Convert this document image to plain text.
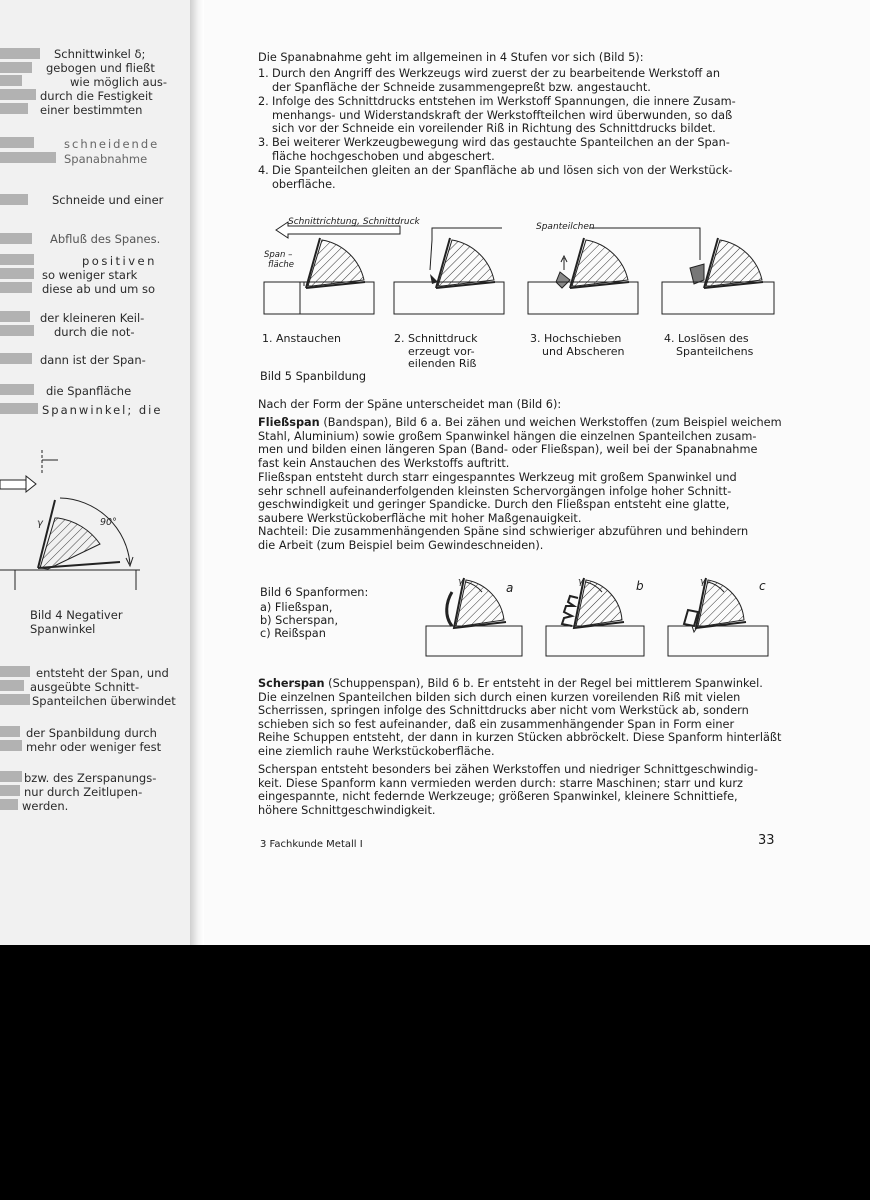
Schnittwinkel δ;
gebogen und fließt
wie möglich aus-
durch die Festigkeit
einer bestimmten
schneidende
Spanabnahme
Schneide und einer
Abfluß des Spanes.
positiven
so weniger stark
diese ab und um so
der kleineren Keil-
durch die not-
dann ist der Span-
die Spanfläche
Spanwinkel; die
90°
γ
Bild 4 Negativer
Spanwinkel
entsteht der Span, und
ausgeübte Schnitt-
Spanteilchen überwindet
der Spanbildung durch
mehr oder weniger fest
bzw. des Zerspanungs-
nur durch Zeitlupen-
werden.
Die Spanabnahme geht im allgemeinen in 4 Stufen vor sich (Bild 5):
1. Durch den Angriff des Werkzeugs wird zuerst der zu bearbeitende Werkstoff an
der Spanfläche der Schneide zusammengepreßt bzw. angestaucht.
2. Infolge des Schnittdrucks entstehen im Werkstoff Spannungen, die innere Zusam-
menhangs- und Widerstandskraft der Werkstoffteilchen wird überwunden, so daß
sich vor der Schneide ein voreilender Riß in Richtung des Schnittdrucks bildet.
3. Bei weiterer Werkzeugbewegung wird das gestauchte Spanteilchen an der Span-
fläche hochgeschoben und abgeschert.
4. Die Spanteilchen gleiten an der Spanfläche ab und lösen sich von der Werkstück-
oberfläche.
Schnittrichtung, Schnittdruck	Spanteilchen
Span –
fläche
1. Anstauchen	2. Schnittdruck
erzeugt vor-
eilenden Riß
3. Hochschieben
und Abscheren
4. Loslösen des
Spanteilchens
Bild 5 Spanbildung
Nach der Form der Späne unterscheidet man (Bild 6):
Fließspan (Bandspan), Bild 6 a. Bei zähen und weichen Werkstoffen (zum Beispiel weichem
Stahl, Aluminium) sowie großem Spanwinkel hängen die einzelnen Spanteilchen zusam-
men und bilden einen längeren Span (Band- oder Fließspan), weil bei der Spanabnahme
fast kein Anstauchen des Werkstoffs auftritt.
Fließspan entsteht durch starr eingespanntes Werkzeug mit großem Spanwinkel und
sehr schnell aufeinanderfolgenden kleinsten Schervorgängen infolge hoher Schnitt-
geschwindigkeit und geringer Spandicke. Durch den Fließspan entsteht eine glatte,
saubere Werkstückoberfläche mit hoher Maßgenauigkeit.
Nachteil: Die zusammenhängenden Späne sind schwieriger abzuführen und behindern
die Arbeit (zum Beispiel beim Gewindeschneiden).
Bild 6 Spanformen:
a) Fließspan,
b) Scherspan,
c) Reißspan
γ	γ	γ
a	b	c
Scherspan (Schuppenspan), Bild 6 b. Er entsteht in der Regel bei mittlerem Spanwinkel.
Die einzelnen Spanteilchen bilden sich durch einen kurzen voreilenden Riß mit vielen
Scherrissen, springen infolge des Schnittdrucks aber nicht vom Werkstück ab, sondern
schieben sich so fest aufeinander, daß ein zusammenhängender Span in Form einer
Reihe Schuppen entsteht, der dann in kurzen Stücken abbröckelt. Diese Spanform hinterläßt
eine ziemlich rauhe Werkstückoberfläche.
Scherspan entsteht besonders bei zähen Werkstoffen und niedriger Schnittgeschwindig-
keit. Diese Spanform kann vermieden werden durch: starre Maschinen; starr und kurz
eingespannte, nicht federnde Werkzeuge; größeren Spanwinkel, kleinere Schnittiefe,
höhere Schnittgeschwindigkeit.
3 Fachkunde Metall I	33
